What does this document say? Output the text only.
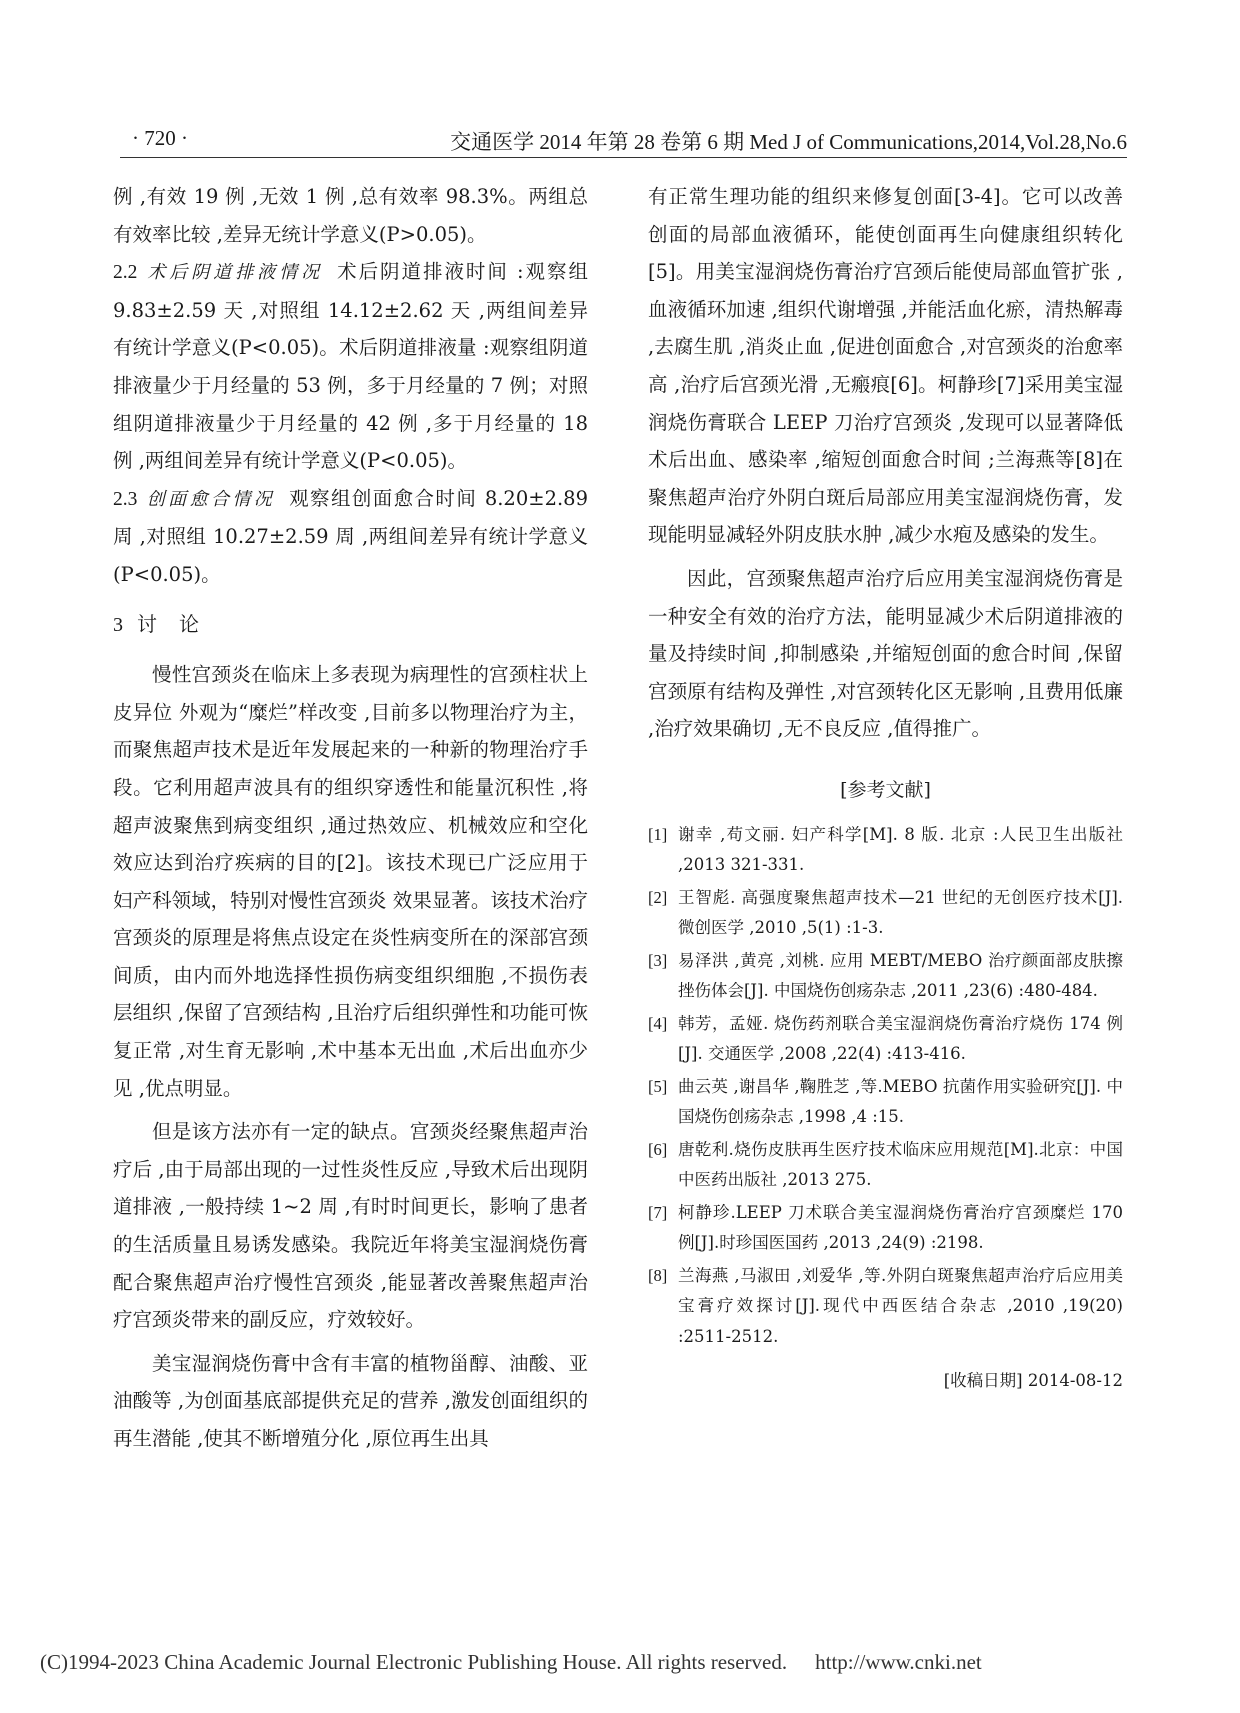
· 720 ·	交通医学 2014 年第 28 卷第 6 期 Med J of Communications,2014,Vol.28,No.6

例 ,有效 19 例 ,无效 1 例 ,总有效率 98.3%。两组总有效率比较 ,差异无统计学意义(P>0.05)。

2.2 术后阴道排液情况 术后阴道排液时间 :观察组 9.83±2.59 天 ,对照组 14.12±2.62 天 ,两组间差异有统计学意义(P<0.05)。术后阴道排液量 :观察组阴道排液量少于月经量的 53 例，多于月经量的 7 例；对照组阴道排液量少于月经量的 42 例 ,多于月经量的 18 例 ,两组间差异有统计学意义(P<0.05)。

2.3 创面愈合情况 观察组创面愈合时间 8.20±2.89 周 ,对照组 10.27±2.59 周 ,两组间差异有统计学意义(P<0.05)。

3 讨论

慢性宫颈炎在临床上多表现为病理性的宫颈柱状上皮异位 外观为“糜烂”样改变 ,目前多以物理治疗为主，而聚焦超声技术是近年发展起来的一种新的物理治疗手段。它利用超声波具有的组织穿透性和能量沉积性 ,将超声波聚焦到病变组织 ,通过热效应、机械效应和空化效应达到治疗疾病的目的[2]。该技术现已广泛应用于妇产科领域，特别对慢性宫颈炎 效果显著。该技术治疗宫颈炎的原理是将焦点设定在炎性病变所在的深部宫颈间质，由内而外地选择性损伤病变组织细胞 ,不损伤表层组织 ,保留了宫颈结构 ,且治疗后组织弹性和功能可恢复正常 ,对生育无影响 ,术中基本无出血 ,术后出血亦少见 ,优点明显。

但是该方法亦有一定的缺点。宫颈炎经聚焦超声治疗后 ,由于局部出现的一过性炎性反应 ,导致术后出现阴道排液 ,一般持续 1~2 周 ,有时时间更长，影响了患者的生活质量且易诱发感染。我院近年将美宝湿润烧伤膏配合聚焦超声治疗慢性宫颈炎 ,能显著改善聚焦超声治疗宫颈炎带来的副反应，疗效较好。

美宝湿润烧伤膏中含有丰富的植物甾醇、油酸、亚油酸等 ,为创面基底部提供充足的营养 ,激发创面组织的再生潜能 ,使其不断增殖分化 ,原位再生出具

有正常生理功能的组织来修复创面[3-4]。它可以改善创面的局部血液循环，能使创面再生向健康组织转化[5]。用美宝湿润烧伤膏治疗宫颈后能使局部血管扩张 ,血液循环加速 ,组织代谢增强 ,并能活血化瘀，清热解毒 ,去腐生肌 ,消炎止血 ,促进创面愈合 ,对宫颈炎的治愈率高 ,治疗后宫颈光滑 ,无瘢痕[6]。柯静珍[7]采用美宝湿润烧伤膏联合 LEEP 刀治疗宫颈炎 ,发现可以显著降低术后出血、感染率 ,缩短创面愈合时间 ;兰海燕等[8]在聚焦超声治疗外阴白斑后局部应用美宝湿润烧伤膏，发现能明显减轻外阴皮肤水肿 ,减少水疱及感染的发生。

因此，宫颈聚焦超声治疗后应用美宝湿润烧伤膏是一种安全有效的治疗方法，能明显减少术后阴道排液的量及持续时间 ,抑制感染 ,并缩短创面的愈合时间 ,保留宫颈原有结构及弹性 ,对宫颈转化区无影响 ,且费用低廉 ,治疗效果确切 ,无不良反应 ,值得推广。

[参考文献]
[1] 谢幸 ,苟文丽. 妇产科学[M]. 8 版. 北京 :人民卫生出版社 ,2013 321-331.
[2] 王智彪. 高强度聚焦超声技术—21 世纪的无创医疗技术[J]. 微创医学 ,2010 ,5(1) :1-3.
[3] 易泽洪 ,黄亮 ,刘桃. 应用 MEBT/MEBO 治疗颜面部皮肤擦挫伤体会[J]. 中国烧伤创疡杂志 ,2011 ,23(6) :480-484.
[4] 韩芳，孟娅. 烧伤药剂联合美宝湿润烧伤膏治疗烧伤 174 例[J]. 交通医学 ,2008 ,22(4) :413-416.
[5] 曲云英 ,谢昌华 ,鞠胜芝 ,等.MEBO 抗菌作用实验研究[J]. 中国烧伤创疡杂志 ,1998 ,4 :15.
[6] 唐乾利.烧伤皮肤再生医疗技术临床应用规范[M].北京：中国中医药出版社 ,2013 275.
[7] 柯静珍.LEEP 刀术联合美宝湿润烧伤膏治疗宫颈糜烂 170 例[J].时珍国医国药 ,2013 ,24(9) :2198.
[8] 兰海燕 ,马淑田 ,刘爱华 ,等.外阴白斑聚焦超声治疗后应用美宝膏疗效探讨[J].现代中西医结合杂志 ,2010 ,19(20) :2511-2512.
[收稿日期] 2014-08-12
(C)1994-2023 China Academic Journal Electronic Publishing House. All rights reserved. http://www.cnki.net
